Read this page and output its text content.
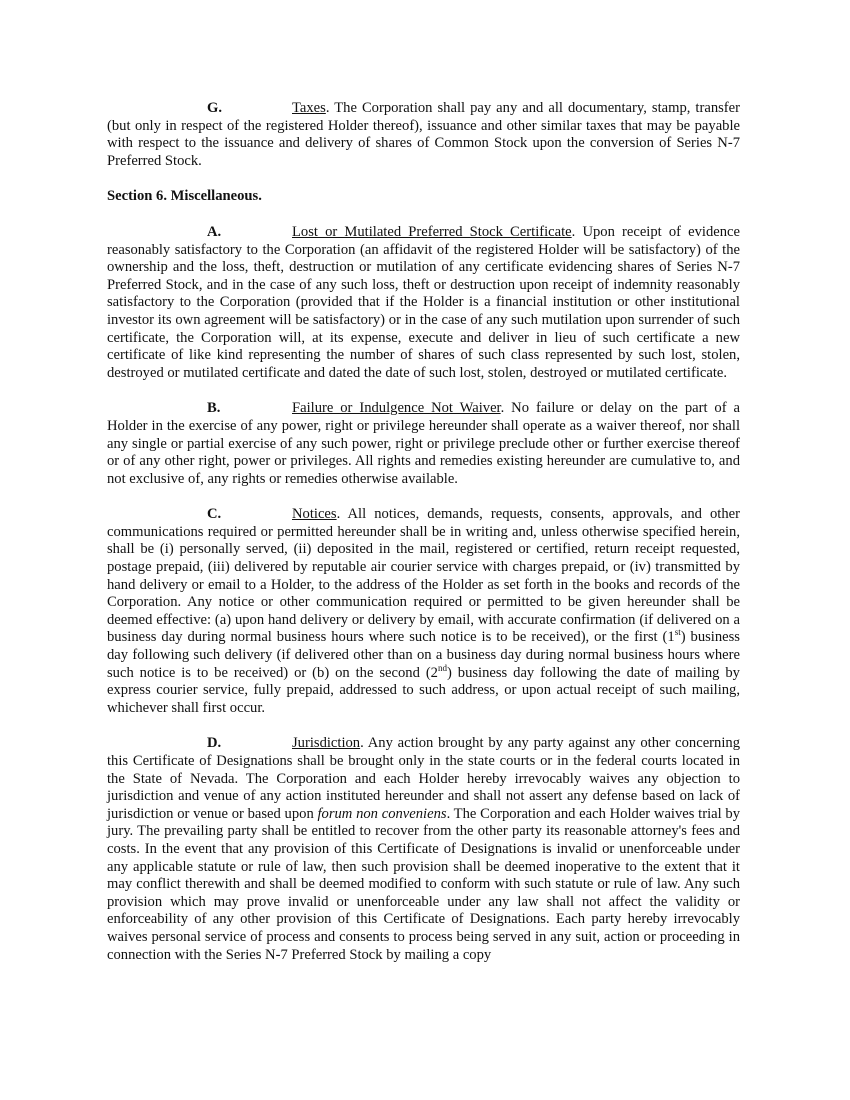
G.	Taxes. The Corporation shall pay any and all documentary, stamp, transfer (but only in respect of the registered Holder thereof), issuance and other similar taxes that may be payable with respect to the issuance and delivery of shares of Common Stock upon the conversion of Series N-7 Preferred Stock.

Section 6. Miscellaneous.

A.	Lost or Mutilated Preferred Stock Certificate. Upon receipt of evidence reasonably satisfactory to the Corporation (an affidavit of the registered Holder will be satisfactory) of the ownership and the loss, theft, destruction or mutilation of any certificate evidencing shares of Series N-7 Preferred Stock, and in the case of any such loss, theft or destruction upon receipt of indemnity reasonably satisfactory to the Corporation (provided that if the Holder is a financial institution or other institutional investor its own agreement will be satisfactory) or in the case of any such mutilation upon surrender of such certificate, the Corporation will, at its expense, execute and deliver in lieu of such certificate a new certificate of like kind representing the number of shares of such class represented by such lost, stolen, destroyed or mutilated certificate and dated the date of such lost, stolen, destroyed or mutilated certificate.

B.	Failure or Indulgence Not Waiver. No failure or delay on the part of a Holder in the exercise of any power, right or privilege hereunder shall operate as a waiver thereof, nor shall any single or partial exercise of any such power, right or privilege preclude other or further exercise thereof or of any other right, power or privileges. All rights and remedies existing hereunder are cumulative to, and not exclusive of, any rights or remedies otherwise available.

C.	Notices. All notices, demands, requests, consents, approvals, and other communications required or permitted hereunder shall be in writing and, unless otherwise specified herein, shall be (i) personally served, (ii) deposited in the mail, registered or certified, return receipt requested, postage prepaid, (iii) delivered by reputable air courier service with charges prepaid, or (iv) transmitted by hand delivery or email to a Holder, to the address of the Holder as set forth in the books and records of the Corporation. Any notice or other communication required or permitted to be given hereunder shall be deemed effective: (a) upon hand delivery or delivery by email, with accurate confirmation (if delivered on a business day during normal business hours where such notice is to be received), or the first (1st) business day following such delivery (if delivered other than on a business day during normal business hours where such notice is to be received) or (b) on the second (2nd) business day following the date of mailing by express courier service, fully prepaid, addressed to such address, or upon actual receipt of such mailing, whichever shall first occur.

D.	Jurisdiction. Any action brought by any party against any other concerning this Certificate of Designations shall be brought only in the state courts or in the federal courts located in the State of Nevada. The Corporation and each Holder hereby irrevocably waives any objection to jurisdiction and venue of any action instituted hereunder and shall not assert any defense based on lack of jurisdiction or venue or based upon forum non conveniens. The Corporation and each Holder waives trial by jury. The prevailing party shall be entitled to recover from the other party its reasonable attorney's fees and costs. In the event that any provision of this Certificate of Designations is invalid or unenforceable under any applicable statute or rule of law, then such provision shall be deemed inoperative to the extent that it may conflict therewith and shall be deemed modified to conform with such statute or rule of law. Any such provision which may prove invalid or unenforceable under any law shall not affect the validity or enforceability of any other provision of this Certificate of Designations. Each party hereby irrevocably waives personal service of process and consents to process being served in any suit, action or proceeding in connection with the Series N-7 Preferred Stock by mailing a copy
